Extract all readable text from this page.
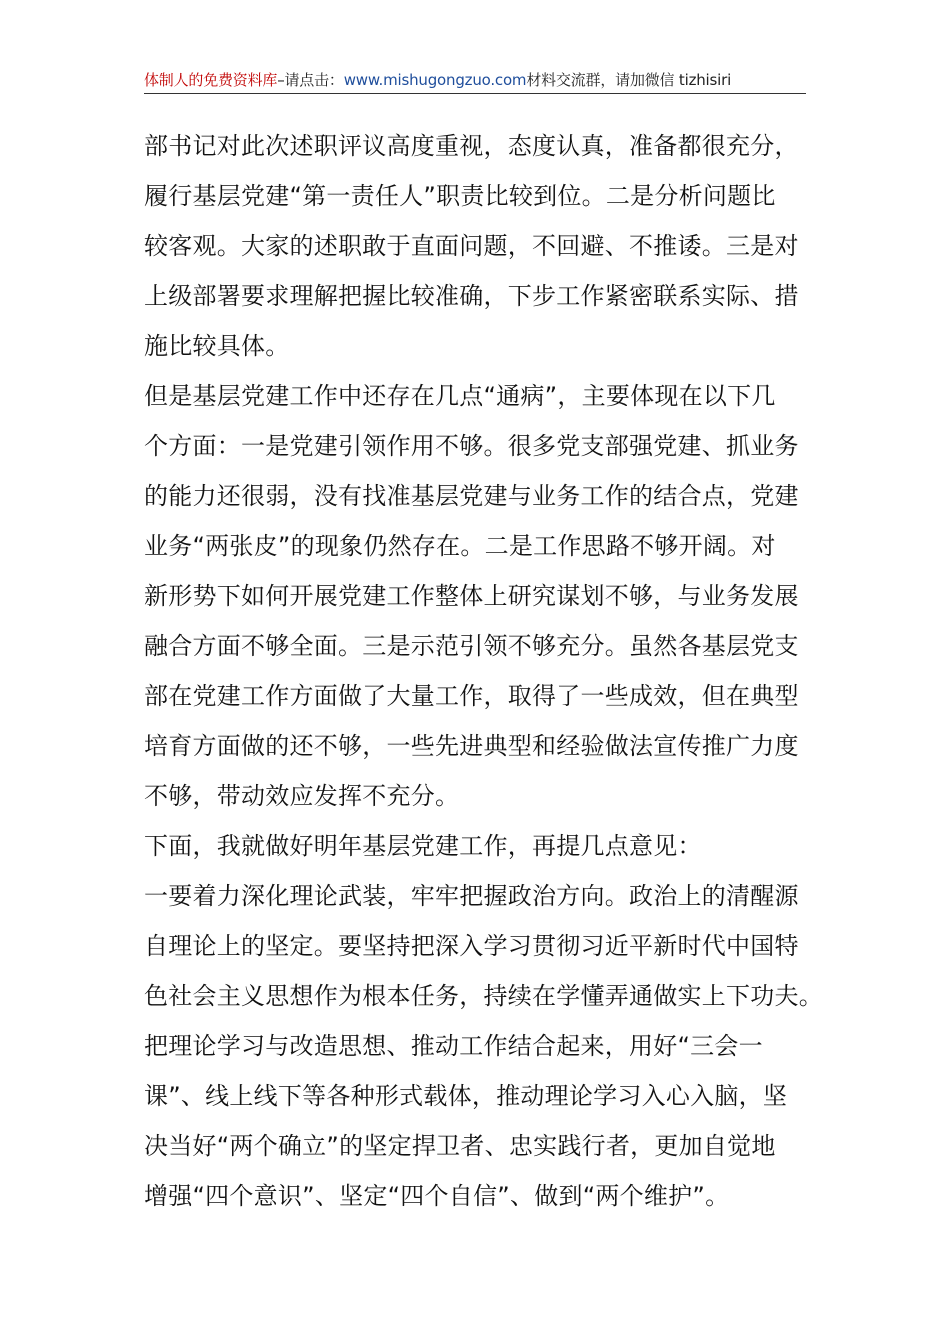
体制人的免费资料库–请点击：www.mishugongzuo.com材料交流群，请加微信 tizhisiri
部书记对此次述职评议高度重视，态度认真，准备都很充分，
履行基层党建“第一责任人”职责比较到位。二是分析问题比
较客观。大家的述职敢于直面问题，不回避、不推诿。三是对
上级部署要求理解把握比较准确，下步工作紧密联系实际、措
施比较具体。
但是基层党建工作中还存在几点“通病”，主要体现在以下几
个方面：一是党建引领作用不够。很多党支部强党建、抓业务
的能力还很弱，没有找准基层党建与业务工作的结合点，党建
业务“两张皮”的现象仍然存在。二是工作思路不够开阔。对
新形势下如何开展党建工作整体上研究谋划不够，与业务发展
融合方面不够全面。三是示范引领不够充分。虽然各基层党支
部在党建工作方面做了大量工作，取得了一些成效，但在典型
培育方面做的还不够，一些先进典型和经验做法宣传推广力度
不够，带动效应发挥不充分。
下面，我就做好明年基层党建工作，再提几点意见：
一要着力深化理论武装，牢牢把握政治方向。政治上的清醒源
自理论上的坚定。要坚持把深入学习贯彻习近平新时代中国特
色社会主义思想作为根本任务，持续在学懂弄通做实上下功夫。
把理论学习与改造思想、推动工作结合起来，用好“三会一
课”、线上线下等各种形式载体，推动理论学习入心入脑，坚
决当好“两个确立”的坚定捍卫者、忠实践行者，更加自觉地
增强“四个意识”、坚定“四个自信”、做到“两个维护”。
